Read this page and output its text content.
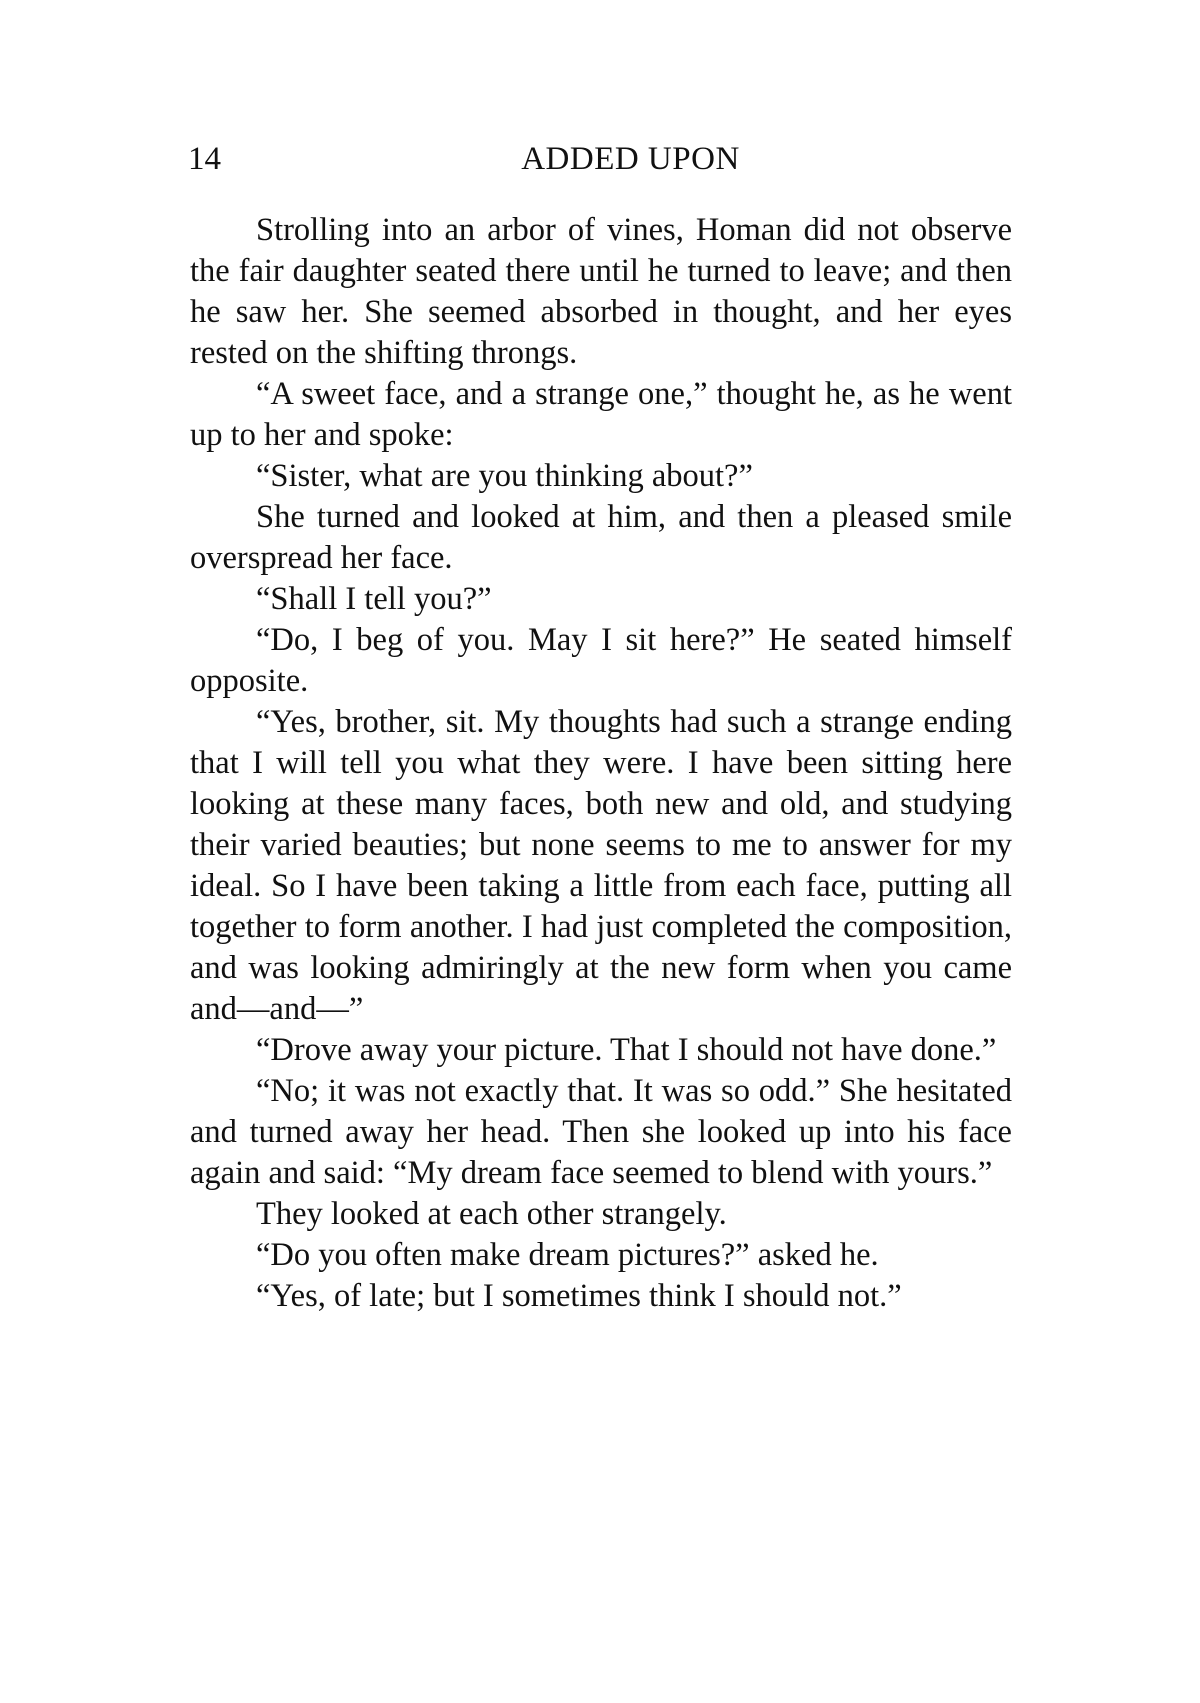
14	ADDED UPON

Strolling into an arbor of vines, Homan did not observe the fair daughter seated there until he turned to leave; and then he saw her. She seemed absorbed in thought, and her eyes rested on the shifting throngs.

“A sweet face, and a strange one,” thought he, as he went up to her and spoke:

“Sister, what are you thinking about?”

She turned and looked at him, and then a pleased smile overspread her face.

“Shall I tell you?”

“Do, I beg of you. May I sit here?” He seated himself opposite.

“Yes, brother, sit. My thoughts had such a strange ending that I will tell you what they were. I have been sitting here looking at these many faces, both new and old, and studying their varied beauties; but none seems to me to answer for my ideal. So I have been taking a little from each face, putting all together to form another. I had just completed the composition, and was looking admiringly at the new form when you came and—and—”

“Drove away your picture. That I should not have done.”

“No; it was not exactly that. It was so odd.” She hesitated and turned away her head. Then she looked up into his face again and said: “My dream face seemed to blend with yours.”

They looked at each other strangely.

“Do you often make dream pictures?” asked he.

“Yes, of late; but I sometimes think I should not.”
